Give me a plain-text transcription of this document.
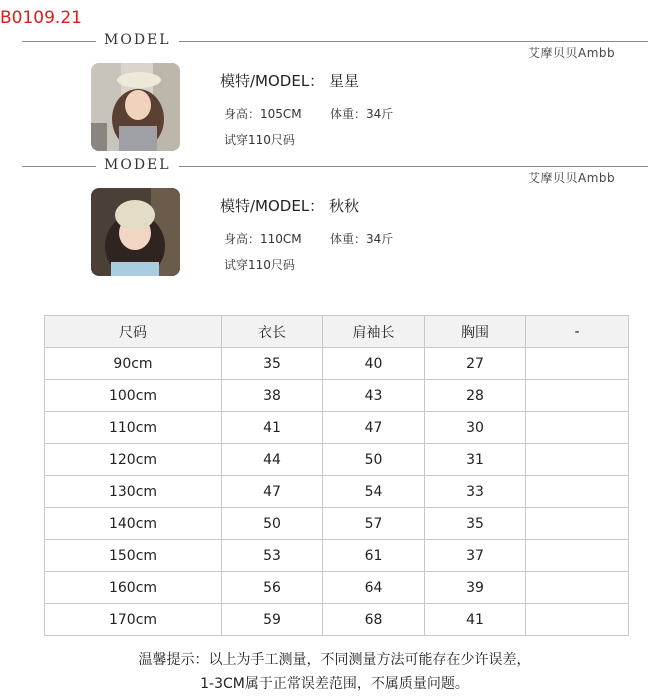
B0109.21
MODEL
艾摩贝贝Ambb
模特/MODEL： 星星
身高：105CM 体重：34斤
试穿110尺码
MODEL
艾摩贝贝Ambb
模特/MODEL： 秋秋
身高：110CM 体重：34斤
试穿110尺码
尺码	衣长	肩袖长	胸围	-
90cm	35	40	27	
100cm	38	43	28	
110cm	41	47	30	
120cm	44	50	31	
130cm	47	54	33	
140cm	50	57	35	
150cm	53	61	37	
160cm	56	64	39	
170cm	59	68	41	
温馨提示：以上为手工测量，不同测量方法可能存在少许误差，
1-3CM属于正常误差范围，不属质量问题。
